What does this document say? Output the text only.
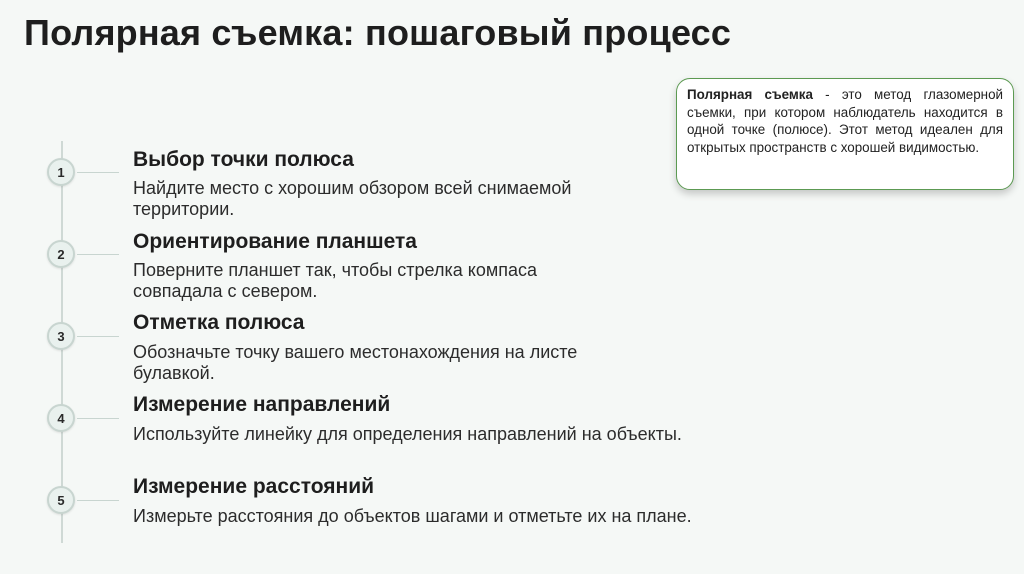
Полярная съемка: пошаговый процесс
Полярная съемка - это метод глазомерной съемки, при котором наблюдатель находится в одной точке (полюсе). Этот метод идеален для открытых пространств с хорошей видимостью.
1
Выбор точки полюса

Найдите место с хорошим обзором всей снимаемой
территории.

2
Ориентирование планшета

Поверните планшет так, чтобы стрелка компаса
совпадала с севером.

3
Отметка полюса

Обозначьте точку вашего местонахождения на листе
булавкой.

4
Измерение направлений

Используйте линейку для определения направлений на объекты.

5
Измерение расстояний

Измерьте расстояния до объектов шагами и отметьте их на плане.
